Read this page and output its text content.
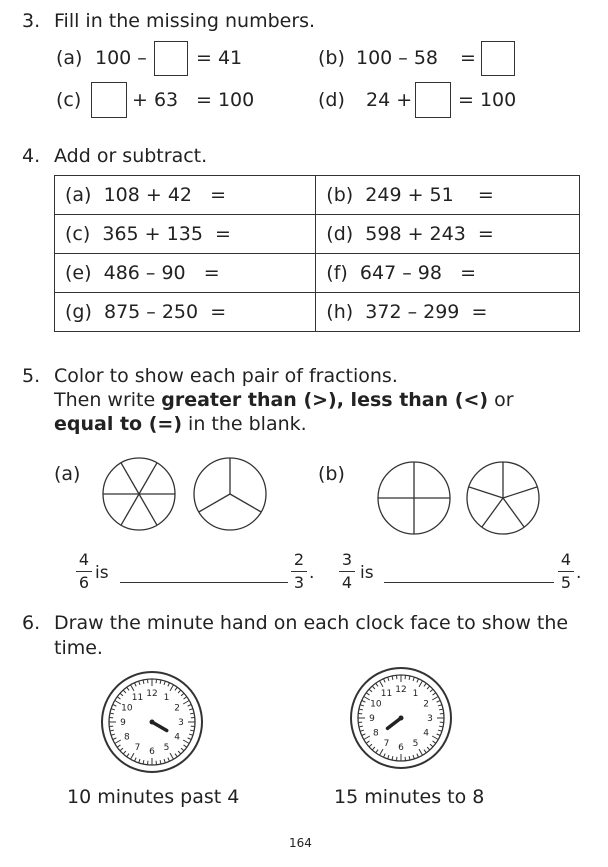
3. Fill in the missing numbers.
(a) 100 –	= 41	(b) 100 – 58 =
(c)	+ 63 = 100	(d) 24 + = 100
4. Add or subtract.
(a) 108 + 42 =	(b) 249 + 51 =
(c) 365 + 135 =	(d) 598 + 243 =
(e) 486 – 90 =	(f) 647 – 98 =
(g) 875 – 250 =	(h) 372 – 299 =
5. Color to show each pair of fractions.
Then write greater than (>), less than (<) or
equal to (=) in the blank.
(a)	(b)
4
6 is
2
3 .
3
4 is
4
5 .
6. Draw the minute hand on each clock face to show the
time.
12 1
2
3
4
5
6
7
8
9
10
11
12 1
2
3
4
5
6
7
8
9
10
11
10 minutes past 4	15 minutes to 8
164
